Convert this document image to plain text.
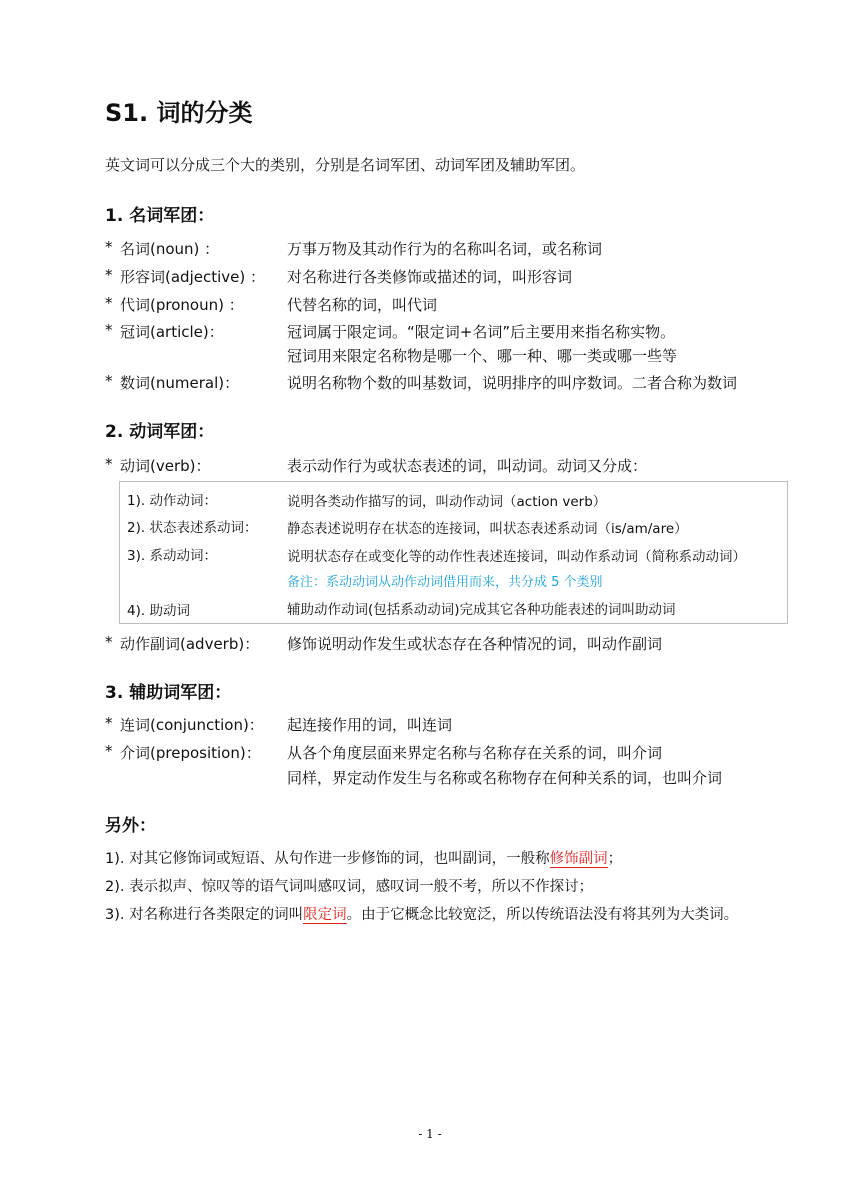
S1. 词的分类
英文词可以分成三个大的类别，分别是名词军团、动词军团及辅助军团。
1. 名词军团：
* 名词(noun) ：	万事万物及其动作行为的名称叫名词，或名称词
* 形容词(adjective) ： 对名称进行各类修饰或描述的词，叫形容词
* 代词(pronoun) ：	代替名称的词，叫代词
* 冠词(article)：	冠词属于限定词。“限定词+名词”后主要用来指名称实物。
冠词用来限定名称物是哪一个、哪一种、哪一类或哪一些等
* 数词(numeral)：	说明名称物个数的叫基数词，说明排序的叫序数词。二者合称为数词
2. 动词军团：
* 动词(verb)：	表示动作行为或状态表述的词，叫动词。动词又分成：
1). 动作动词：	说明各类动作描写的词，叫动作动词（action verb）
2). 状态表述系动词： 静态表述说明存在状态的连接词，叫状态表述系动词（is/am/are）
3). 系动动词：	说明状态存在或变化等的动作性表述连接词，叫动作系动词（简称系动动词）
备注：系动动词从动作动词借用而来，共分成 5 个类别
4). 助动词	辅助动作动词(包括系动动词)完成其它各种功能表述的词叫助动词
* 动作副词(adverb)： 修饰说明动作发生或状态存在各种情况的词，叫动作副词
3. 辅助词军团：
* 连词(conjunction)： 起连接作用的词，叫连词
* 介词(preposition)： 从各个角度层面来界定名称与名称存在关系的词，叫介词
同样，界定动作发生与名称或名称物存在何种关系的词，也叫介词
另外：
1). 对其它修饰词或短语、从句作进一步修饰的词，也叫副词，一般称修饰副词；
2). 表示拟声、惊叹等的语气词叫感叹词，感叹词一般不考，所以不作探讨；
3). 对名称进行各类限定的词叫限定词。由于它概念比较宽泛，所以传统语法没有将其列为大类词。
- 1 -
